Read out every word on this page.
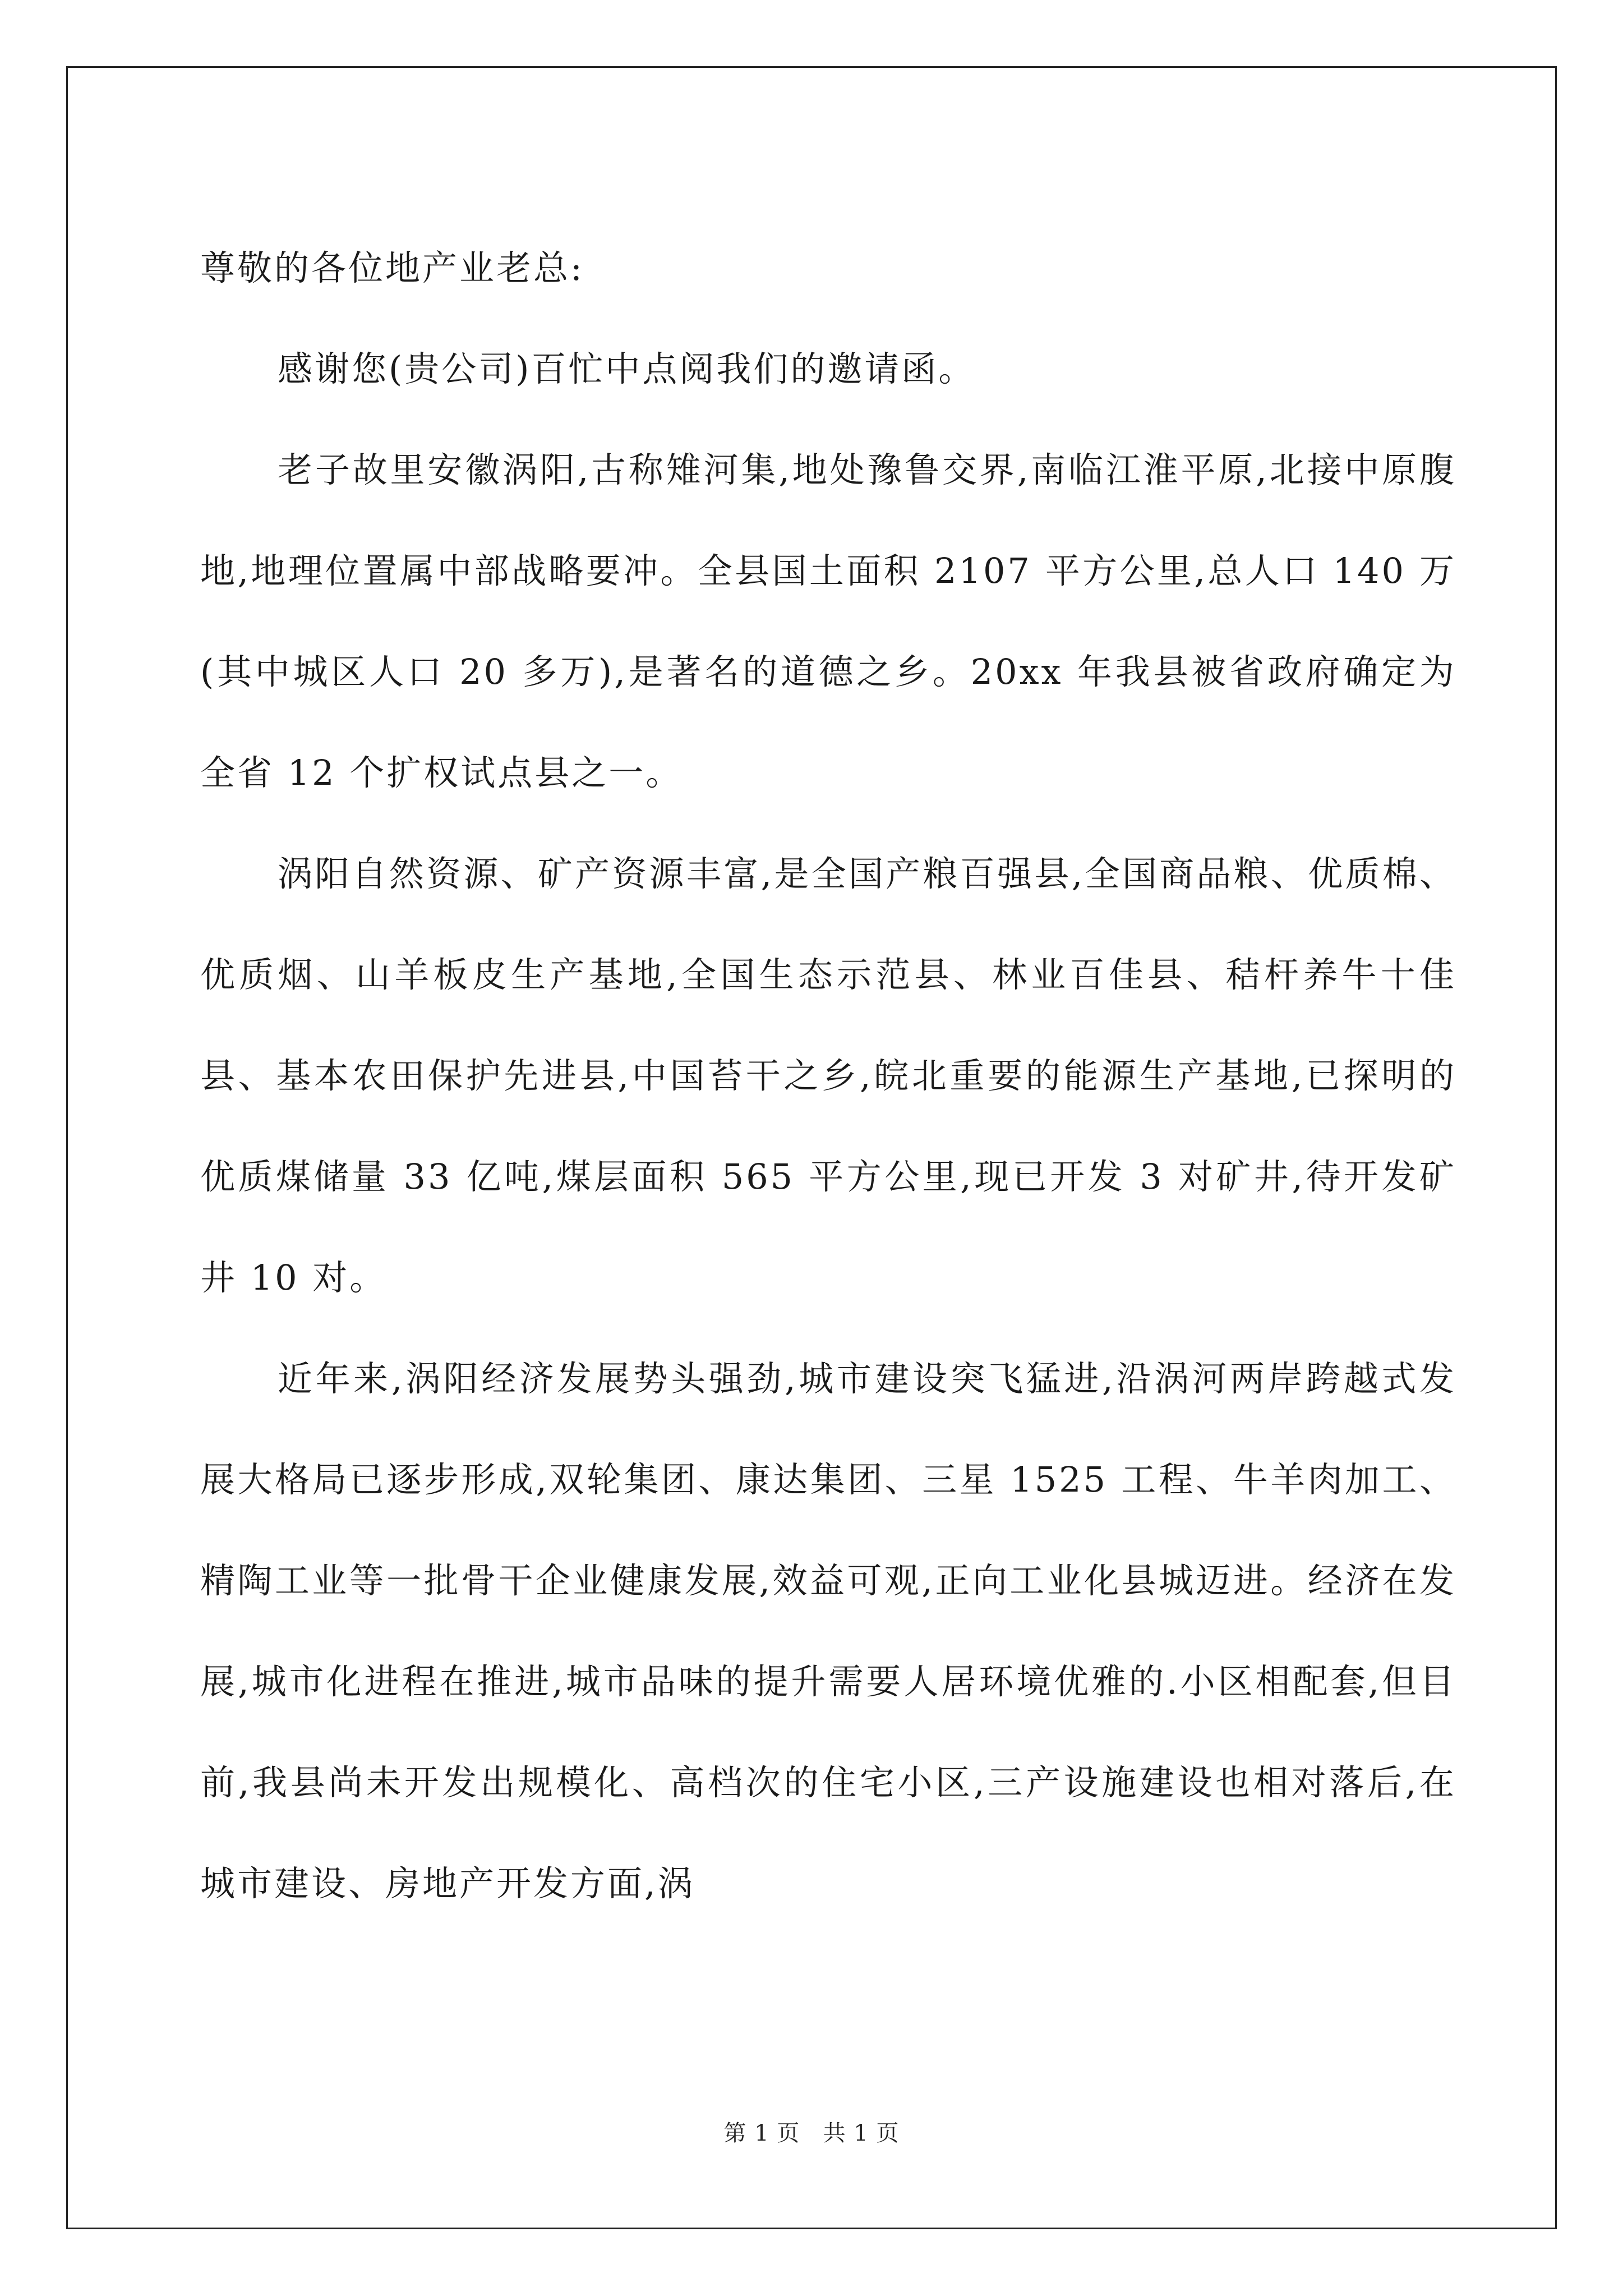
尊敬的各位地产业老总:

感谢您(贵公司)百忙中点阅我们的邀请函。

老子故里安徽涡阳,古称雉河集,地处豫鲁交界,南临江淮平原,北接中原腹地,地理位置属中部战略要冲。全县国土面积 2107 平方公里,总人口 140 万(其中城区人口 20 多万),是著名的道德之乡。20xx 年我县被省政府确定为全省 12 个扩权试点县之一。

涡阳自然资源、矿产资源丰富,是全国产粮百强县,全国商品粮、优质棉、优质烟、山羊板皮生产基地,全国生态示范县、林业百佳县、秸杆养牛十佳县、基本农田保护先进县,中国苔干之乡,皖北重要的能源生产基地,已探明的优质煤储量 33 亿吨,煤层面积 565 平方公里,现已开发 3 对矿井,待开发矿井 10 对。

近年来,涡阳经济发展势头强劲,城市建设突飞猛进,沿涡河两岸跨越式发展大格局已逐步形成,双轮集团、康达集团、三星 1525 工程、牛羊肉加工、精陶工业等一批骨干企业健康发展,效益可观,正向工业化县城迈进。经济在发展,城市化进程在推进,城市品味的提升需要人居环境优雅的.小区相配套,但目前,我县尚未开发出规模化、高档次的住宅小区,三产设施建设也相对落后,在城市建设、房地产开发方面,涡

第 1 页 共 1 页
